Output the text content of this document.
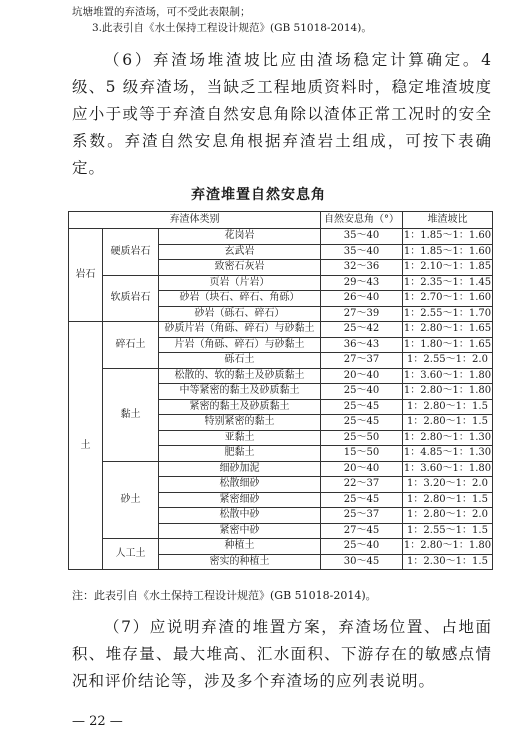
坑塘堆置的弃渣场，可不受此表限制；
3.此表引自《水土保持工程设计规范》(GB 51018-2014)。
（6）弃渣场堆渣坡比应由渣场稳定计算确定。4 级、5 级弃渣场，当缺乏工程地质资料时，稳定堆渣坡度应小于或等于弃渣自然安息角除以渣体正常工况时的安全系数。弃渣自然安息角根据弃渣岩土组成，可按下表确定。
弃渣堆置自然安息角
弃渣体类别			自然安息角（°）	堆渣坡比
岩石	硬质岩石	花岗岩	35～40	1：1.85～1：1.60
		玄武岩	35～40	1：1.85～1：1.60
		致密石灰岩	32～36	1：2.10～1：1.85
	软质岩石	页岩（片岩）	29～43	1：2.35～1：1.45
		砂岩（块石、碎石、角砾）	26～40	1：2.70～1：1.60
		砂岩（砾石、碎石）	27～39	1：2.55～1：1.70
土	碎石土	砂质片岩（角砾、碎石）与砂黏土	25～42	1：2.80～1：1.65
		片岩（角砾、碎石）与砂黏土	36～43	1：1.80～1：1.65
		砾石土	27～37	1：2.55～1：2.0
	黏土	松散的、软的黏土及砂质黏土	20～40	1：3.60～1：1.80
		中等紧密的黏土及砂质黏土	25～40	1：2.80～1：1.80
		紧密的黏土及砂质黏土	25～45	1：2.80～1：1.5
		特别紧密的黏土	25～45	1：2.80～1：1.5
		亚黏土	25～50	1：2.80～1：1.30
		肥黏土	15～50	1：4.85～1：1.30
	砂土	细砂加泥	20～40	1：3.60～1：1.80
		松散细砂	22～37	1：3.20～1：2.0
		紧密细砂	25～45	1：2.80～1：1.5
		松散中砂	25～37	1：2.80～1：2.0
		紧密中砂	27～45	1：2.55～1：1.5
	人工土	种植土	25～40	1：2.80～1：1.80
		密实的种植土	30～45	1：2.30～1：1.5
注：此表引自《水土保持工程设计规范》(GB 51018-2014)。
（7）应说明弃渣的堆置方案，弃渣场位置、占地面积、堆存量、最大堆高、汇水面积、下游存在的敏感点情况和评价结论等，涉及多个弃渣场的应列表说明。
— 22 —
